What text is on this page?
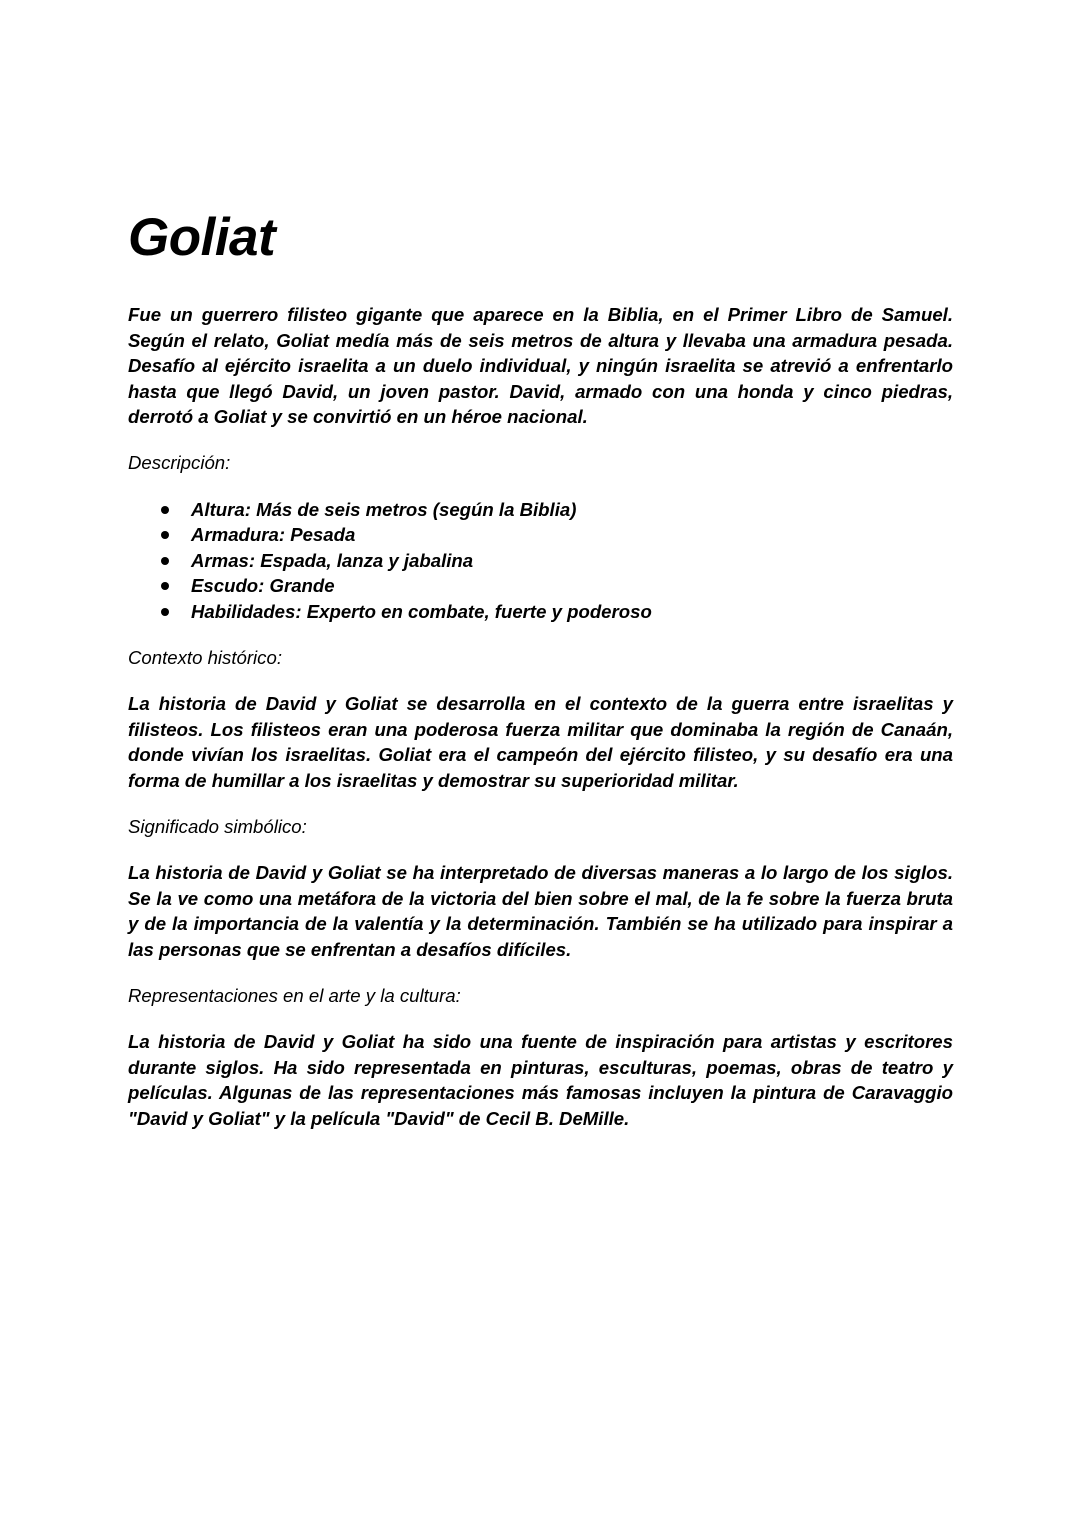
Goliat

Fue un guerrero filisteo gigante que aparece en la Biblia, en el Primer Libro de Samuel. Según el relato, Goliat medía más de seis metros de altura y llevaba una armadura pesada. Desafío al ejército israelita a un duelo individual, y ningún israelita se atrevió a enfrentarlo hasta que llegó David, un joven pastor. David, armado con una honda y cinco piedras, derrotó a Goliat y se convirtió en un héroe nacional.

Descripción:

Altura: Más de seis metros (según la Biblia)
Armadura: Pesada
Armas: Espada, lanza y jabalina
Escudo: Grande
Habilidades: Experto en combate, fuerte y poderoso

Contexto histórico:

La historia de David y Goliat se desarrolla en el contexto de la guerra entre israelitas y filisteos. Los filisteos eran una poderosa fuerza militar que dominaba la región de Canaán, donde vivían los israelitas. Goliat era el campeón del ejército filisteo, y su desafío era una forma de humillar a los israelitas y demostrar su superioridad militar.

Significado simbólico:

La historia de David y Goliat se ha interpretado de diversas maneras a lo largo de los siglos. Se la ve como una metáfora de la victoria del bien sobre el mal, de la fe sobre la fuerza bruta y de la importancia de la valentía y la determinación. También se ha utilizado para inspirar a las personas que se enfrentan a desafíos difíciles.

Representaciones en el arte y la cultura:

La historia de David y Goliat ha sido una fuente de inspiración para artistas y escritores durante siglos. Ha sido representada en pinturas, esculturas, poemas, obras de teatro y películas. Algunas de las representaciones más famosas incluyen la pintura de Caravaggio "David y Goliat" y la película "David" de Cecil B. DeMille.
